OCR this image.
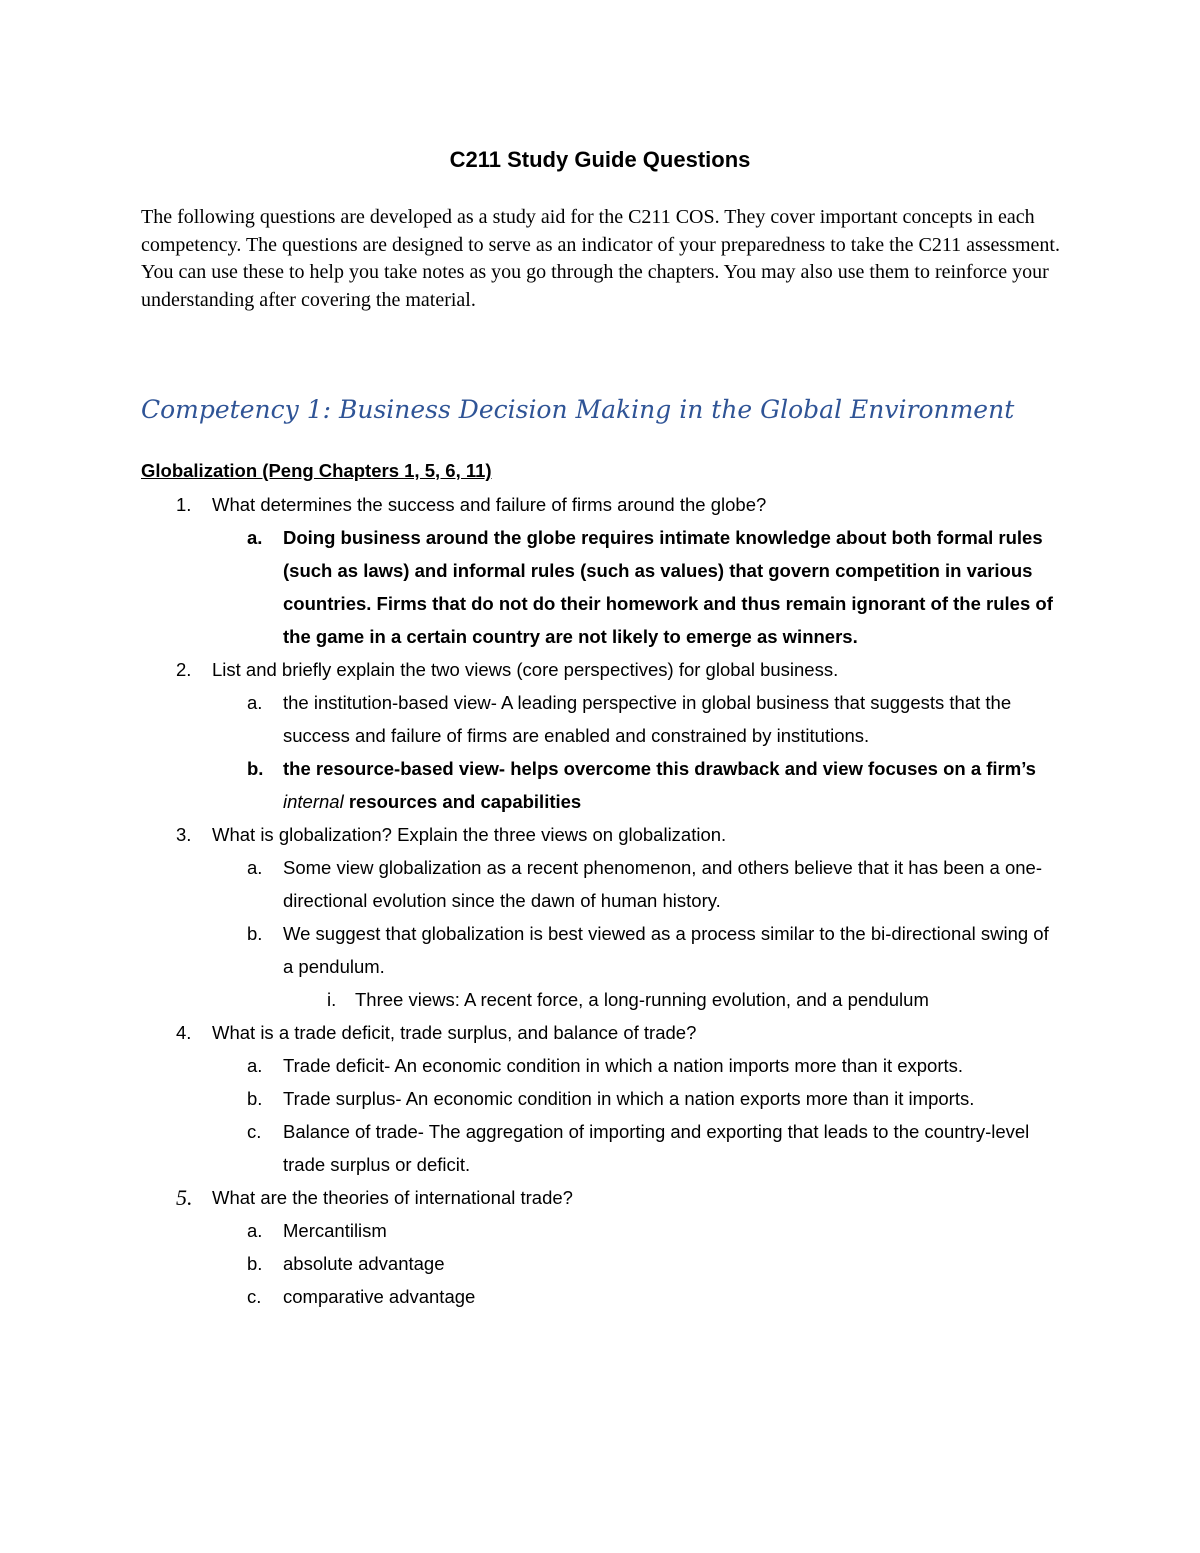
C211 Study Guide Questions
The following questions are developed as a study aid for the C211 COS. They cover important concepts in each competency. The questions are designed to serve as an indicator of your preparedness to take the C211 assessment. You can use these to help you take notes as you go through the chapters. You may also use them to reinforce your understanding after covering the material.
Competency 1: Business Decision Making in the Global Environment
Globalization (Peng Chapters 1, 5, 6, 11)
1. What determines the success and failure of firms around the globe?
a. Doing business around the globe requires intimate knowledge about both formal rules (such as laws) and informal rules (such as values) that govern competition in various countries. Firms that do not do their homework and thus remain ignorant of the rules of the game in a certain country are not likely to emerge as winners.
2. List and briefly explain the two views (core perspectives) for global business.
a. the institution-based view- A leading perspective in global business that suggests that the success and failure of firms are enabled and constrained by institutions.
b. the resource-based view- helps overcome this drawback and view focuses on a firm’s internal resources and capabilities
3. What is globalization? Explain the three views on globalization.
a. Some view globalization as a recent phenomenon, and others believe that it has been a one-directional evolution since the dawn of human history.
b. We suggest that globalization is best viewed as a process similar to the bi-directional swing of a pendulum.
i. Three views: A recent force, a long-running evolution, and a pendulum
4. What is a trade deficit, trade surplus, and balance of trade?
a. Trade deficit- An economic condition in which a nation imports more than it exports.
b. Trade surplus- An economic condition in which a nation exports more than it imports.
c. Balance of trade- The aggregation of importing and exporting that leads to the country-level trade surplus or deficit.
5. What are the theories of international trade?
a. Mercantilism
b. absolute advantage
c. comparative advantage
